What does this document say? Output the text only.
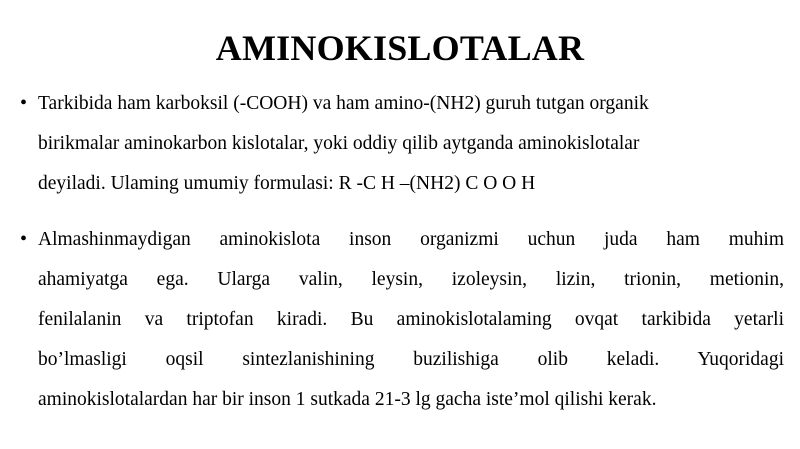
AMINOKISLOTALAR
• Tarkibida ham karboksil (-COOH) va ham amino-(NH2) guruh tutgan organik
birikmalar aminokarbon kislotalar, yoki oddiy qilib aytganda aminokislotalar
deyiladi. Ulaming umumiy formulasi: R -C H –(NH2) C O O H
• Almashinmaydigan aminokislota inson organizmi uchun juda ham muhim
ahamiyatga ega. Ularga valin, leysin, izoleysin, lizin, trionin, metionin,
fenilalanin va triptofan kiradi. Bu aminokislotalaming ovqat tarkibida yetarli
bo’lmasligi oqsil sintezlanishining buzilishiga olib keladi. Yuqoridagi
aminokislotalardan har bir inson 1 sutkada 21-3 lg gacha iste’mol qilishi kerak.
